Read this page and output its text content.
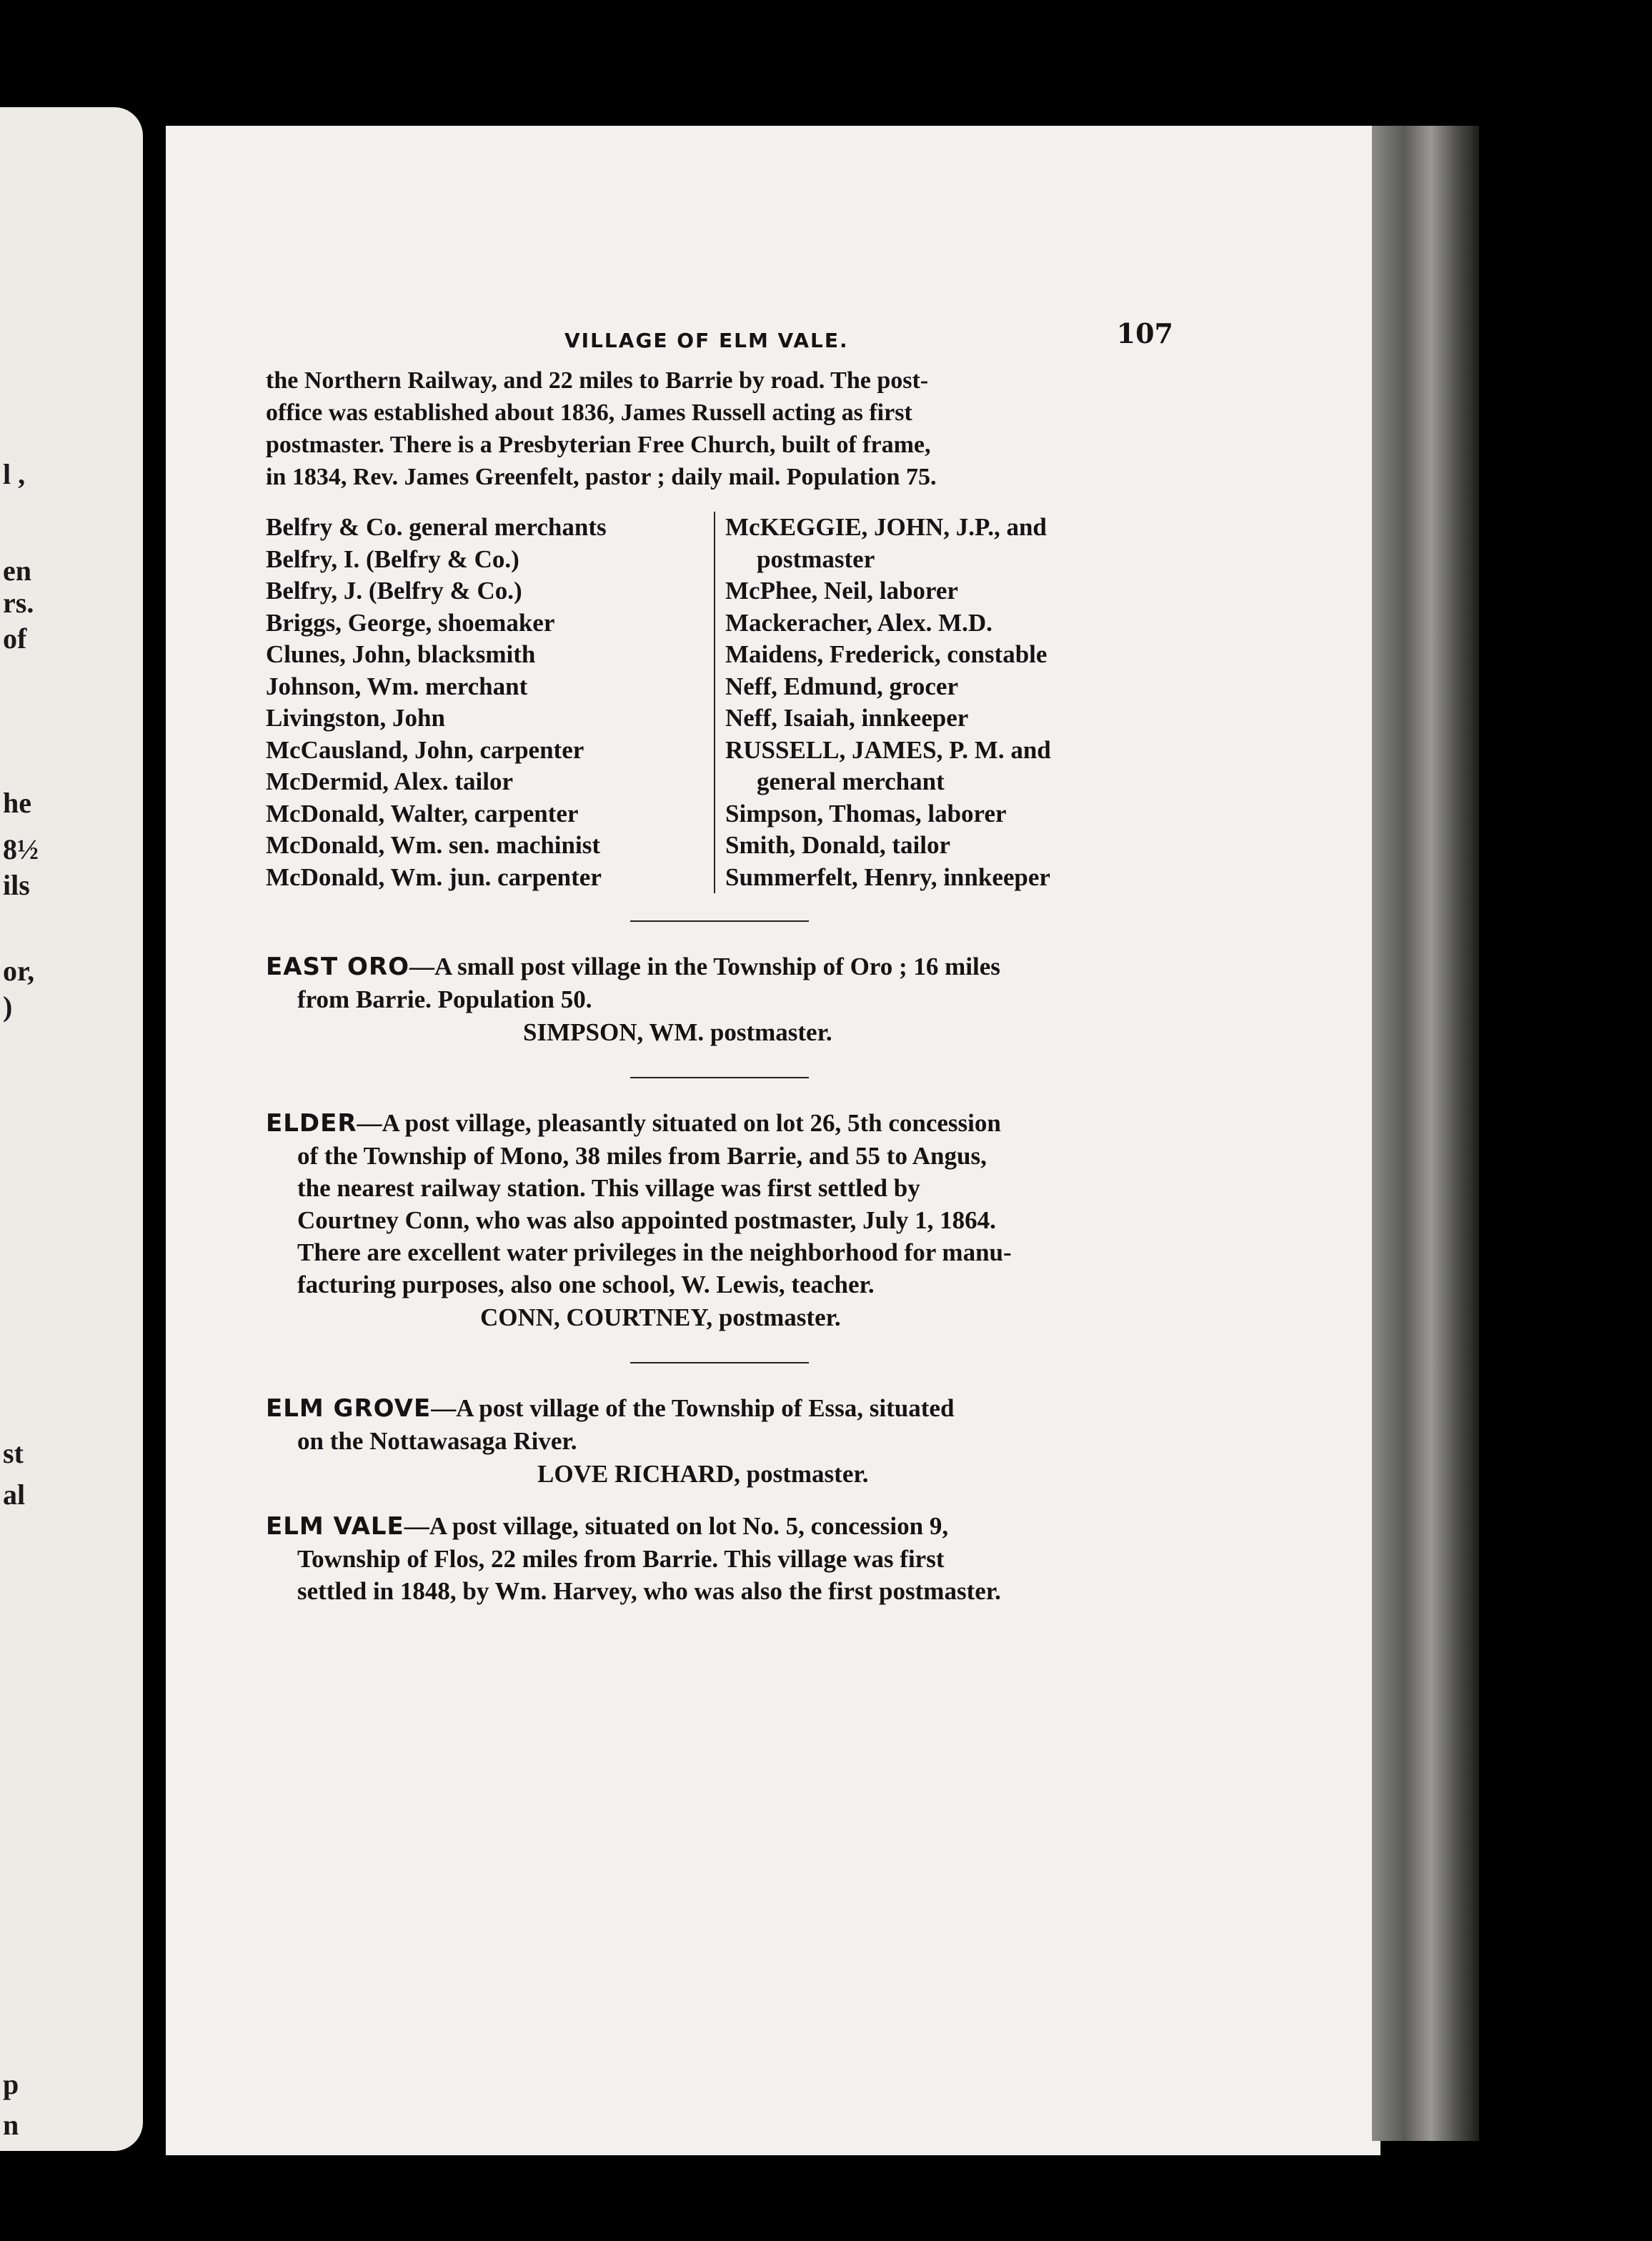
l ,
en
rs.
of
he
8½
ils
or,
)
st
al
p
n
VILLAGE OF ELM VALE.	107

the Northern Railway, and 22 miles to Barrie by road. The post-
office was established about 1836, James Russell acting as first
postmaster. There is a Presbyterian Free Church, built of frame,
in 1834, Rev. James Greenfelt, pastor ; daily mail. Population 75.

Belfry & Co. general merchants
Belfry, I. (Belfry & Co.)
Belfry, J. (Belfry & Co.)
Briggs, George, shoemaker
Clunes, John, blacksmith
Johnson, Wm. merchant
Livingston, John
McCausland, John, carpenter
McDermid, Alex. tailor
McDonald, Walter, carpenter
McDonald, Wm. sen. machinist
McDonald, Wm. jun. carpenter
McKEGGIE, JOHN, J.P., and
postmaster
McPhee, Neil, laborer
Mackeracher, Alex. M.D.
Maidens, Frederick, constable
Neff, Edmund, grocer
Neff, Isaiah, innkeeper
RUSSELL, JAMES, P. M. and
general merchant
Simpson, Thomas, laborer
Smith, Donald, tailor
Summerfelt, Henry, innkeeper
EAST ORO—A small post village in the Township of Oro ; 16 miles
from Barrie. Population 50.
SIMPSON, WM. postmaster.
ELDER—A post village, pleasantly situated on lot 26, 5th concession
of the Township of Mono, 38 miles from Barrie, and 55 to Angus,
the nearest railway station. This village was first settled by
Courtney Conn, who was also appointed postmaster, July 1, 1864.
There are excellent water privileges in the neighborhood for manu-
facturing purposes, also one school, W. Lewis, teacher.
CONN, COURTNEY, postmaster.
ELM GROVE—A post village of the Township of Essa, situated
on the Nottawasaga River.
LOVE RICHARD, postmaster.
ELM VALE—A post village, situated on lot No. 5, concession 9,
Township of Flos, 22 miles from Barrie. This village was first
settled in 1848, by Wm. Harvey, who was also the first postmaster.
